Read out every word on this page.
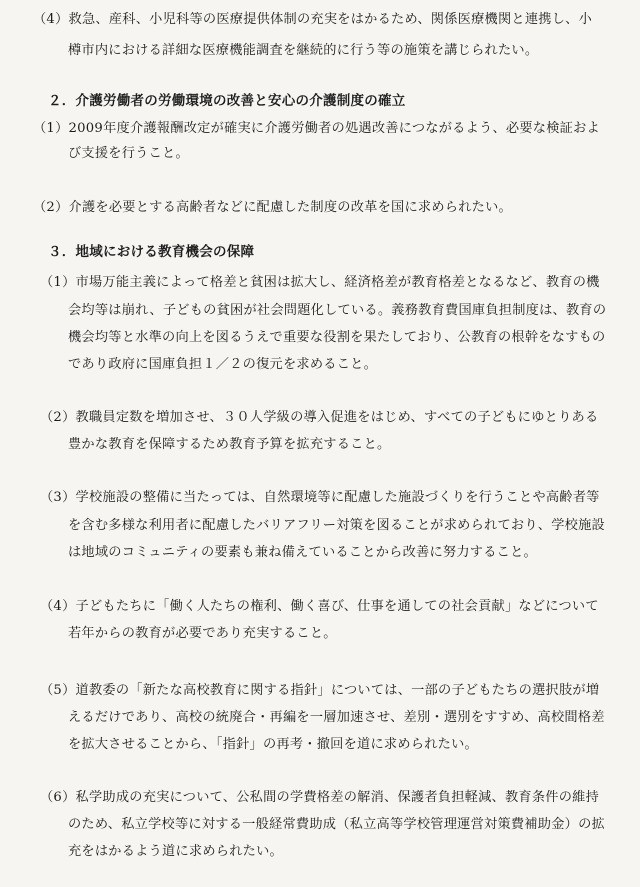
（4）救急、産科、小児科等の医療提供体制の充実をはかるため、関係医療機関と連携し、小
樽市内における詳細な医療機能調査を継続的に行う等の施策を講じられたい。
２．介護労働者の労働環境の改善と安心の介護制度の確立
（1）2009年度介護報酬改定が確実に介護労働者の処遇改善につながるよう、必要な検証およ
び支援を行うこと。
（2）介護を必要とする高齢者などに配慮した制度の改革を国に求められたい。
３．地域における教育機会の保障
（1）市場万能主義によって格差と貧困は拡大し、経済格差が教育格差となるなど、教育の機
会均等は崩れ、子どもの貧困が社会問題化している。義務教育費国庫負担制度は、教育の
機会均等と水準の向上を図るうえで重要な役割を果たしており、公教育の根幹をなすもの
であり政府に国庫負担１／２の復元を求めること。
（2）教職員定数を増加させ、３０人学級の導入促進をはじめ、すべての子どもにゆとりある
豊かな教育を保障するため教育予算を拡充すること。
（3）学校施設の整備に当たっては、自然環境等に配慮した施設づくりを行うことや高齢者等
を含む多様な利用者に配慮したバリアフリー対策を図ることが求められており、学校施設
は地域のコミュニティの要素も兼ね備えていることから改善に努力すること。
（4）子どもたちに「働く人たちの権利、働く喜び、仕事を通しての社会貢献」などについて
若年からの教育が必要であり充実すること。
（5）道教委の「新たな高校教育に関する指針」については、一部の子どもたちの選択肢が増
えるだけであり、高校の統廃合・再編を一層加速させ、差別・選別をすすめ、高校間格差
を拡大させることから、「指針」の再考・撤回を道に求められたい。
（6）私学助成の充実について、公私間の学費格差の解消、保護者負担軽減、教育条件の維持
のため、私立学校等に対する一般経常費助成（私立高等学校管理運営対策費補助金）の拡
充をはかるよう道に求められたい。
